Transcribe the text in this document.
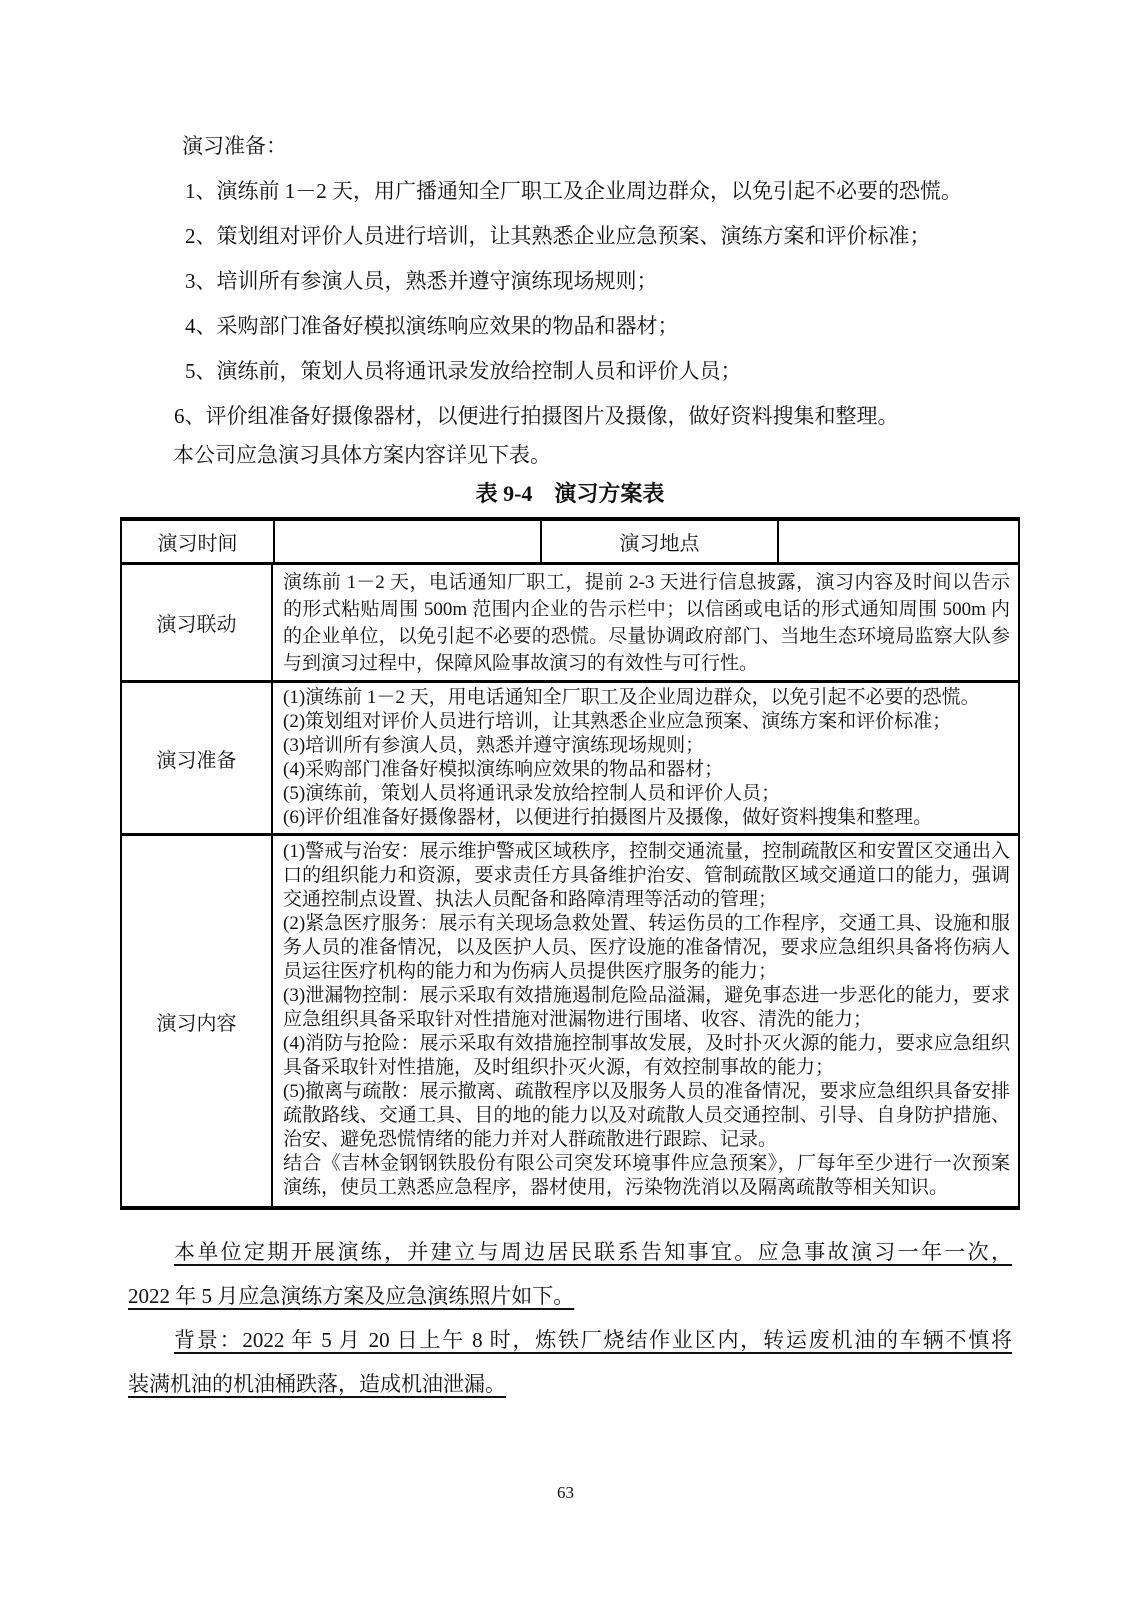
演习准备：
1、演练前 1－2 天，用广播通知全厂职工及企业周边群众，以免引起不必要的恐慌。
2、策划组对评价人员进行培训，让其熟悉企业应急预案、演练方案和评价标准；
3、培训所有参演人员，熟悉并遵守演练现场规则；
4、采购部门准备好模拟演练响应效果的物品和器材；
5、演练前，策划人员将通讯录发放给控制人员和评价人员；
6、评价组准备好摄像器材，以便进行拍摄图片及摄像，做好资料搜集和整理。
本公司应急演习具体方案内容详见下表。
表 9-4　演习方案表
演习时间	演习地点
演习联动
演练前 1－2 天，电话通知厂职工，提前 2-3 天进行信息披露，演习内容及时间以告示的形式粘贴周围 500m 范围内企业的告示栏中；以信函或电话的形式通知周围 500m 内的企业单位，以免引起不必要的恐慌。尽量协调政府部门、当地生态环境局监察大队参与到演习过程中，保障风险事故演习的有效性与可行性。
演习准备

(1)演练前 1－2 天，用电话通知全厂职工及企业周边群众，以免引起不必要的恐慌。

(2)策划组对评价人员进行培训，让其熟悉企业应急预案、演练方案和评价标准；

(3)培训所有参演人员，熟悉并遵守演练现场规则；

(4)采购部门准备好模拟演练响应效果的物品和器材；

(5)演练前，策划人员将通讯录发放给控制人员和评价人员；

(6)评价组准备好摄像器材，以便进行拍摄图片及摄像，做好资料搜集和整理。

演习内容

(1)警戒与治安：展示维护警戒区域秩序，控制交通流量，控制疏散区和安置区交通出入口的组织能力和资源，要求责任方具备维护治安、管制疏散区域交通道口的能力，强调交通控制点设置、执法人员配备和路障清理等活动的管理；

(2)紧急医疗服务：展示有关现场急救处置、转运伤员的工作程序，交通工具、设施和服务人员的准备情况，以及医护人员、医疗设施的准备情况，要求应急组织具备将伤病人员运往医疗机构的能力和为伤病人员提供医疗服务的能力；

(3)泄漏物控制：展示采取有效措施遏制危险品溢漏，避免事态进一步恶化的能力，要求应急组织具备采取针对性措施对泄漏物进行围堵、收容、清洗的能力；

(4)消防与抢险：展示采取有效措施控制事故发展，及时扑灭火源的能力，要求应急组织具备采取针对性措施，及时组织扑灭火源，有效控制事故的能力；

(5)撤离与疏散：展示撤离、疏散程序以及服务人员的准备情况，要求应急组织具备安排疏散路线、交通工具、目的地的能力以及对疏散人员交通控制、引导、自身防护措施、治安、避免恐慌情绪的能力并对人群疏散进行跟踪、记录。

结合《吉林金钢钢铁股份有限公司突发环境事件应急预案》，厂每年至少进行一次预案演练，使员工熟悉应急程序，器材使用，污染物洗消以及隔离疏散等相关知识。

本单位定期开展演练，并建立与周边居民联系告知事宜。应急事故演习一年一次，
2022 年 5 月应急演练方案及应急演练照片如下。
背景：2022 年 5 月 20 日上午 8 时，炼铁厂烧结作业区内，转运废机油的车辆不慎将
装满机油的机油桶跌落，造成机油泄漏。
63
